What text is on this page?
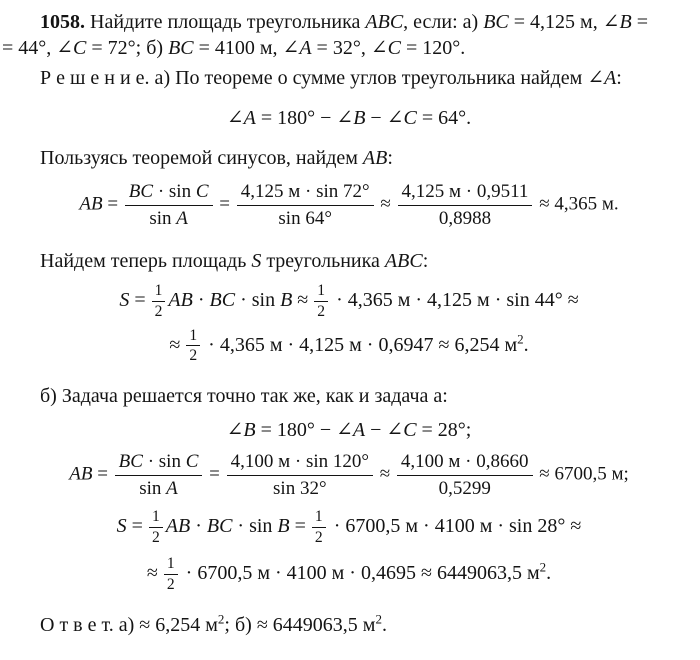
1058. Найдите площадь треугольника ABC, если: а) BC = 4,125 м, ∠B =
= 44°, ∠C = 72°; б) BC = 4100 м, ∠A = 32°, ∠C = 120°.
Р е ш е н и е. а) По теореме о сумме углов треугольника найдем ∠A:
∠A = 180° − ∠B − ∠C = 64°.
Пользуясь теоремой синусов, найдем AB:
AB = $\frac{\text{BC · sin C}}{\text{sin A}} = \frac{4,125 м \cdot \sin 72^\circ}{\sin 64^\circ} \approx \frac{4,125 м \cdot 0,9511}{0,8988} \approx 4,365$ м.
Найдем теперь площадь S треугольника ABC:
$S = \frac{1}{2}$ AB · BC · $\sin B \approx \frac{1}{2} \cdot 4,365$ м · 4,125 м · sin 44° ≈
≈ $\frac{1}{2} \cdot 4,365$ м · 4,125 м · 0,6947 ≈ 6,254 $м^2$.
б) Задача решается точно так же, как и задача а:
∠B = 180° − ∠A − ∠C = 28°;
AB = $\frac{\text{BC · sin C}}{\text{sin A}} = \frac{4,100 м \cdot \sin 120^\circ}{\sin 32^\circ} \approx \frac{4,100 м \cdot 0,8660}{0,5299} \approx 6700,5$ м;
$S = \frac{1}{2}$ AB · BC · $\sin B = \frac{1}{2} \cdot 6700,5$ м · 4100 м · sin 28° ≈
≈ $\frac{1}{2} \cdot 6700,5$ м · 4100 м · 0,4695 ≈ 6449063,5 $м^2$.
О т в е т. а) ≈ 6,254 $м^2$; б) ≈ 6449063,5 $м^2$.
